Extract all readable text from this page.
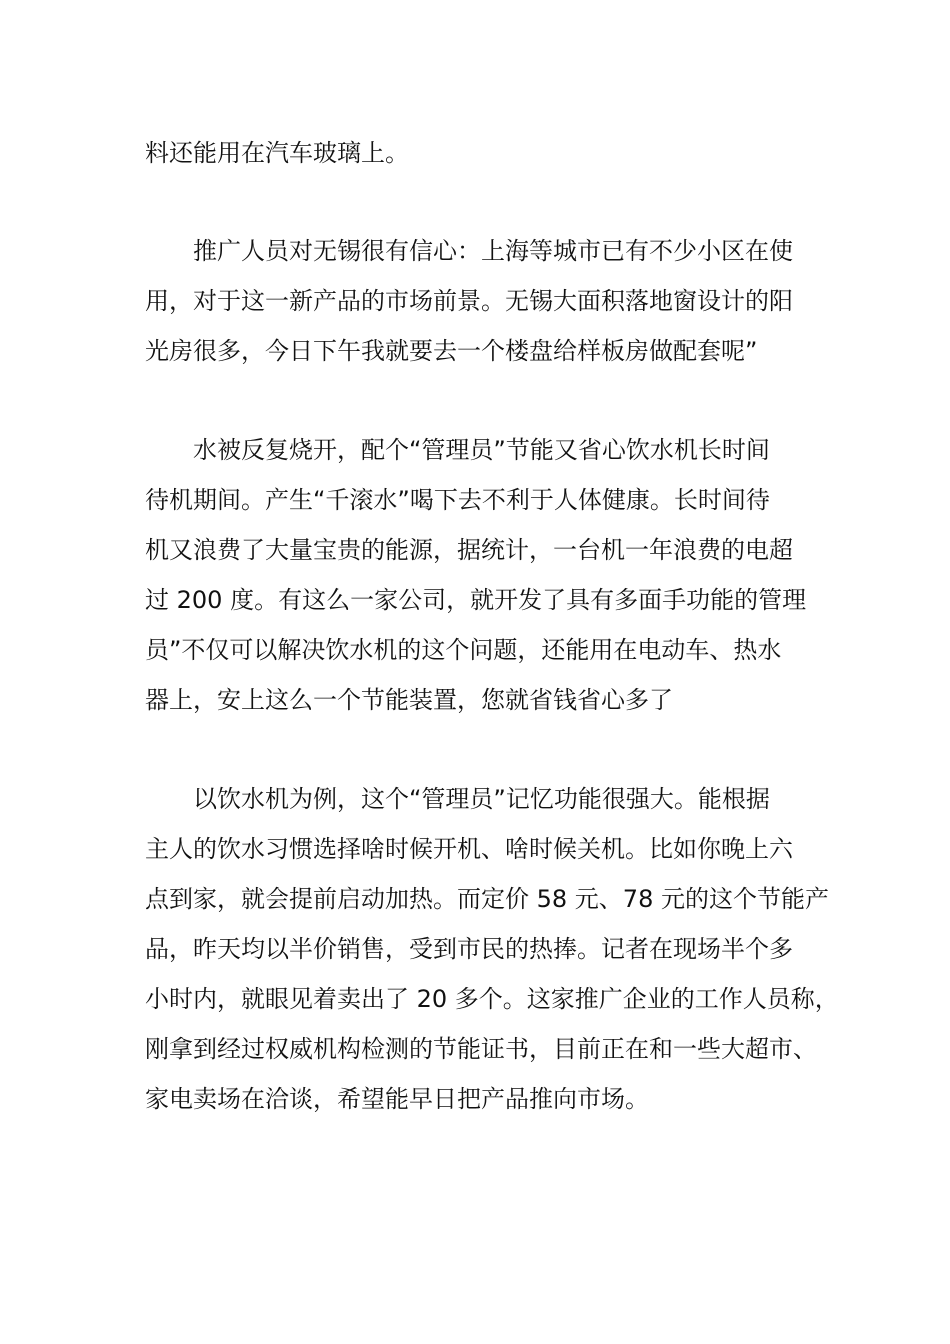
料还能用在汽车玻璃上。
推广人员对无锡很有信心：上海等城市已有不少小区在使
用，对于这一新产品的市场前景。无锡大面积落地窗设计的阳
光房很多，今日下午我就要去一个楼盘给样板房做配套呢”
水被反复烧开，配个“管理员”节能又省心饮水机长时间
待机期间。产生“千滚水”喝下去不利于人体健康。长时间待
机又浪费了大量宝贵的能源，据统计，一台机一年浪费的电超
过 200 度。有这么一家公司，就开发了具有多面手功能的管理
员”不仅可以解决饮水机的这个问题，还能用在电动车、热水
器上，安上这么一个节能装置，您就省钱省心多了
以饮水机为例，这个“管理员”记忆功能很强大。能根据
主人的饮水习惯选择啥时候开机、啥时候关机。比如你晚上六
点到家，就会提前启动加热。而定价 58 元、78 元的这个节能产
品，昨天均以半价销售，受到市民的热捧。记者在现场半个多
小时内，就眼见着卖出了 20 多个。这家推广企业的工作人员称，
刚拿到经过权威机构检测的节能证书，目前正在和一些大超市、
家电卖场在洽谈，希望能早日把产品推向市场。
